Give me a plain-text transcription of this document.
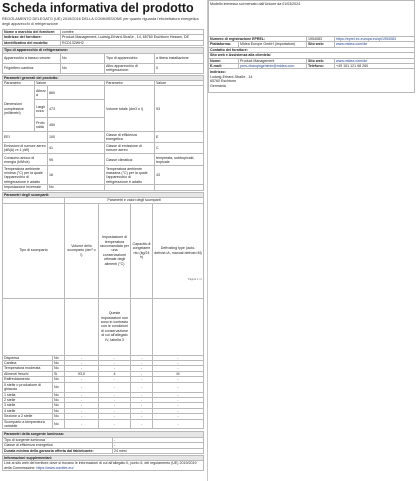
Scheda informativa del prodotto
REGOLAMENTO DELEGATO (UE) 2019/2016 DELLA COMMISSIONE per quanto riguarda l'etichettatura energetica degli apparecchi di refrigerazione
Nome o marchio del fornitore:	comfee
Indirizzo del fornitore:	Product Management, Ludwig-Erhard-Straße , 14, 65760 Eschborn Hessen, DE
Identificativo del modello:	RCD132WH2
Tipo di apparecchio di refrigerazione:			
Apparecchio a basso rumore:	No	Tipo di apparecchio:	a libera installazione
Frigorifero cantina:	No	Altro apparecchio di refrigerazione:	0
Parametri generali del prodotto:				
Parametro	Valore		Parametro	Valore
Dimensioni complessive (millimetri)	Altezza	860	Volume totale (dm3 o l)	93
	Larghezza	473		
	Profondità	450		
EEI		100	Classe di efficienza energetica	E
Emissioni di rumore aereo (dB(A) re 1 pW)		41	Classe di emissione di rumore aereo	C
Consumo annuo di energia (kWh/a)		95	Classe climatica:	temperata, subtropicale, tropicale
Temperatura ambiente minima (°C) per la quale l'apparecchio di refrigerazione è adatto		16	Temperatura ambiente massima (°C) per la quale l'apparecchio di refrigerazione è adatto	43
Impostazione invernale		No		
Parametri degli scomparti:					
		Parametri e valori degli scomparti			
Tipo di scomparto		Volume dello scomparto (dm³ o l)	Impostazione di temperatura raccomandata per una conservazione ottimale degli alimenti (°C)	Capacità di congelamento (kg/24 h)	Defrosting type (auto-defrost=A, manual defrost=M)
			Queste impostazioni non sono in contrasto con le condizioni di conservazione di cui all'allegato IV, tabella 3		
Dispensa	No	-	-	-	-
Cantina	No	-	-	-	-
Temperatura moderata	No	-	-	-	-
Alimenti freschi	Si	93,0	4	-	M
Raffreddamento	No	-	-	-	-
0 stelle o produzione di ghiaccio	No	-	-	-	-
1 stella	No	-	-	-	-
2 stelle	No	-	-	-	-
3 stelle	No	-	-	-	-
4 stelle	No	-	-	-	-
Sezione a 2 stelle	No	-	-	-	-
Scomparto a temperatura variabile	No	-	-	-	-
Parametri della sorgente luminosa:	
Tipo di sorgente luminosa	-
Classe di efficienza energetica	-
Durata minima della garanzia offerta dal fabbricante:	24 mesi
Informazioni supplementari:
Link al sito web del fornitore dove si trovano le informazioni di cui all'allegato II, punto 6, del regolamento (UE) 2019/2019 della Commissione: https://www.comfee.eu/
Pagina 1 / 2
Modello immesso sul mercato dall'Unione da 01/03/2024			
Numero di registrazione EPREL:		1954083	https://eprel.ec.europa.eu/qr/1954083
Piattaforma:	Midea Europe GmbH (importatore)	Sito web:	www.midea.com/de
Contatto del fornitore:			
Sito web e Assistenza alla clientela:			
Nome:	Product Management	Sito web:	www.midea.com/de
E-mail:	pnrs-zhaoqingzhimin@midea.com	Telefono:	+49 151 121 98 260

Indirizzo:
Ludwig-Erhard-Straße , 14
65760 Eschborn
Germania			
